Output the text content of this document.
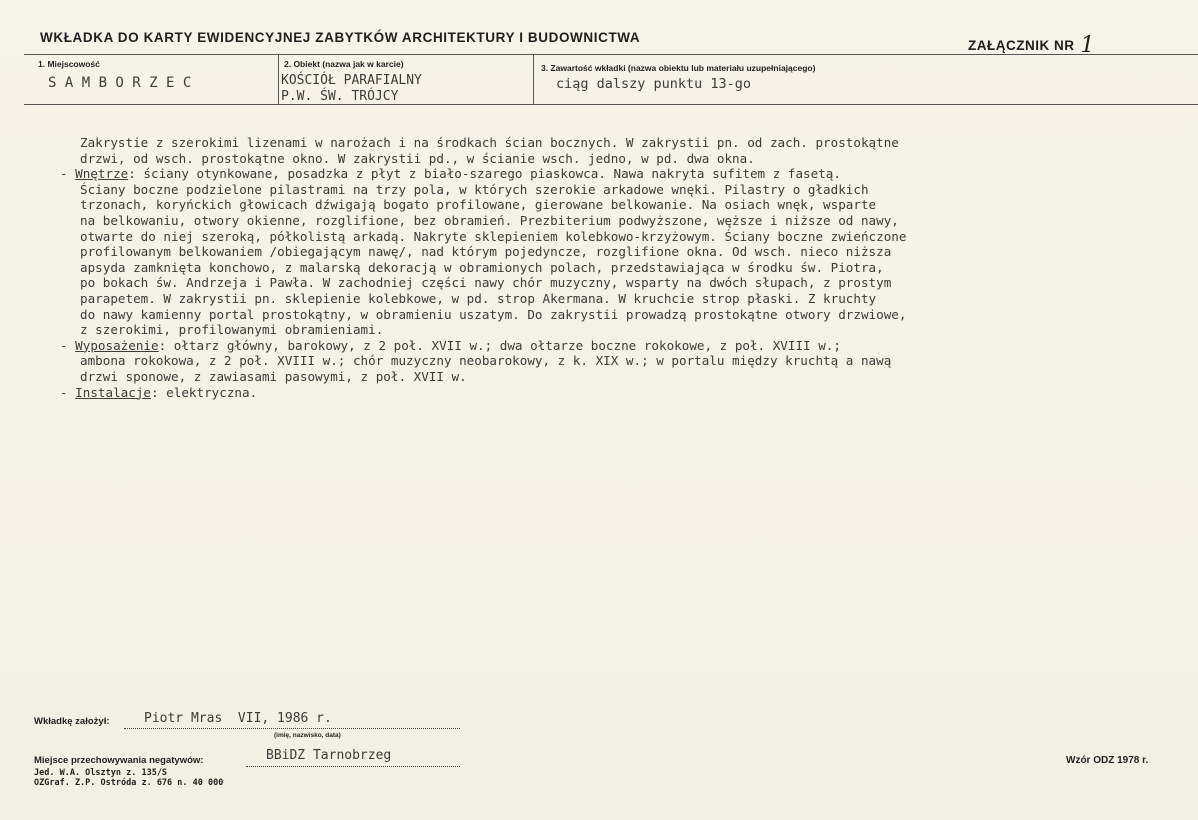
WKŁADKA DO KARTY EWIDENCYJNEJ ZABYTKÓW ARCHITEKTURY I BUDOWNICTWA
ZAŁĄCZNIK NR 1
1. Miejscowość
S A M B O R Z E C
2. Obiekt (nazwa jak w karcie)
KOŚCIÓŁ PARAFIALNY
P.W. ŚW. TRÓJCY
3. Zawartość wkładki (nazwa obiektu lub materiału uzupełniającego)
ciąg dalszy punktu 13-go
Zakrystie z szerokimi lizenami w narożach i na środkach ścian bocznych. W zakrystii pn. od zach. prostokątne
drzwi, od wsch. prostokątne okno. W zakrystii pd., w ścianie wsch. jedno, w pd. dwa okna.
- Wnętrze: ściany otynkowane, posadzka z płyt z biało-szarego piaskowca. Nawa nakryta sufitem z fasetą.
Ściany boczne podzielone pilastrami na trzy pola, w których szerokie arkadowe wnęki. Pilastry o gładkich
trzonach, koryńckich głowicach dźwigają bogato profilowane, gierowane belkowanie. Na osiach wnęk, wsparte
na belkowaniu, otwory okienne, rozglifione, bez obramień. Prezbiterium podwyższone, węższe i niższe od nawy,
otwarte do niej szeroką, półkolistą arkadą. Nakryte sklepieniem kolebkowo-krzyżowym. Ściany boczne zwieńczone
profilowanym belkowaniem /obiegającym nawę/, nad którym pojedyncze, rozglifione okna. Od wsch. nieco niższa
apsyda zamknięta konchowo, z malarską dekoracją w obramionych polach, przedstawiająca w środku św. Piotra,
po bokach św. Andrzeja i Pawła. W zachodniej części nawy chór muzyczny, wsparty na dwóch słupach, z prostym
parapetem. W zakrystii pn. sklepienie kolebkowe, w pd. strop Akermana. W kruchcie strop płaski. Z kruchty
do nawy kamienny portal prostokątny, w obramieniu uszatym. Do zakrystii prowadzą prostokątne otwory drzwiowe,
z szerokimi, profilowanymi obramieniami.
- Wyposażenie: ołtarz główny, barokowy, z 2 poł. XVII w.; dwa ołtarze boczne rokokowe, z poł. XVIII w.;
ambona rokokowa, z 2 poł. XVIII w.; chór muzyczny neobarokowy, z k. XIX w.; w portalu między kruchtą a nawą
drzwi sponowe, z zawiasami pasowymi, z poł. XVII w.
- Instalacje: elektryczna.
Wkładkę założył:	Piotr Mras  VII, 1986 r.
(imię, nazwisko, data)
Miejsce przechowywania negatywów:	BBiDZ Tarnobrzeg	Wzór ODZ 1978 r.
Jed. W.A. Olsztyn z. 135/S
OZGraf. Z.P. Ostróda z. 676 n. 40 000
